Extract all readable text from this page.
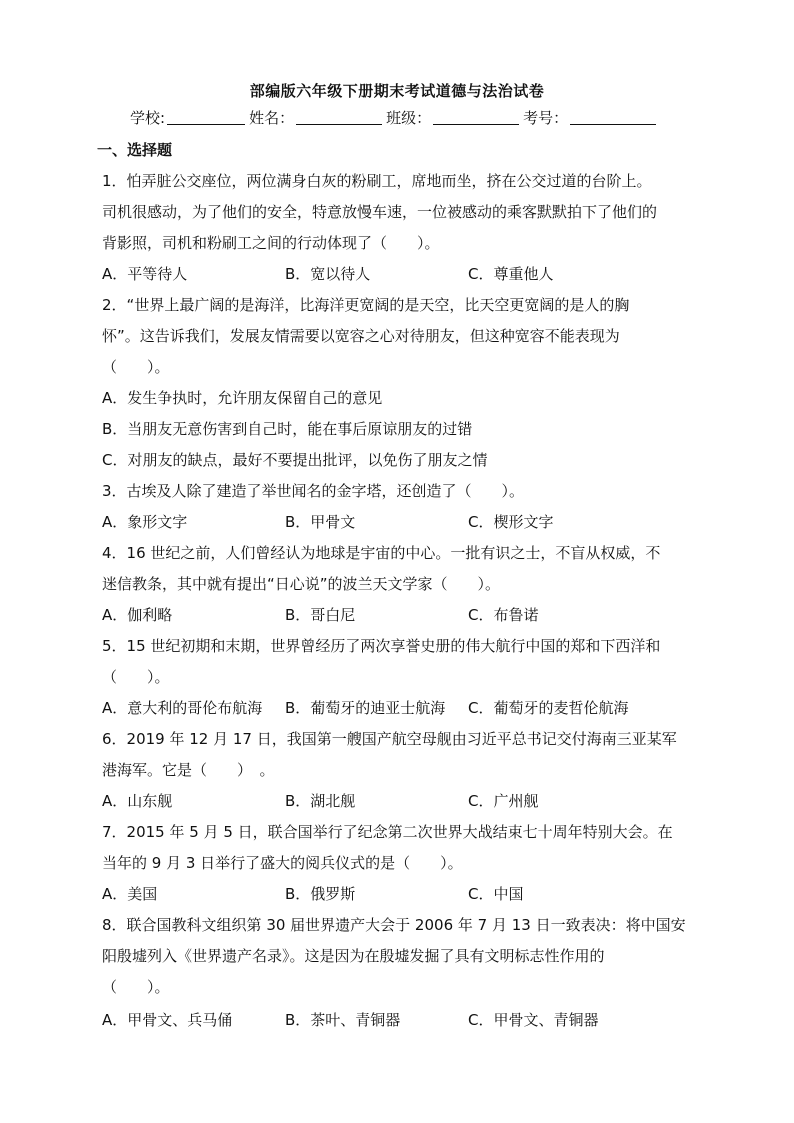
部编版六年级下册期末考试道德与法治试卷
学校:	姓名：	班级：	考号：
一、选择题
1．怕弄脏公交座位，两位满身白灰的粉刷工，席地而坐，挤在公交过道的台阶上。
司机很感动，为了他们的安全，特意放慢车速，一位被感动的乘客默默拍下了他们的
背影照，司机和粉刷工之间的行动体现了（　　）。
A．平等待人	B．宽以待人	C．尊重他人
2．“世界上最广阔的是海洋，比海洋更宽阔的是天空，比天空更宽阔的是人的胸
怀”。这告诉我们，发展友情需要以宽容之心对待朋友，但这种宽容不能表现为
（　　）。
A．发生争执时，允许朋友保留自己的意见
B．当朋友无意伤害到自己时，能在事后原谅朋友的过错
C．对朋友的缺点，最好不要提出批评，以免伤了朋友之情
3．古埃及人除了建造了举世闻名的金字塔，还创造了（　　）。
A．象形文字	B．甲骨文	C．楔形文字
4．16 世纪之前，人们曾经认为地球是宇宙的中心。一批有识之士，不盲从权威，不
迷信教条，其中就有提出“日心说”的波兰天文学家（　　）。
A．伽利略	B．哥白尼	C．布鲁诺
5．15 世纪初期和末期，世界曾经历了两次享誉史册的伟大航行中国的郑和下西洋和
（　　）。
A．意大利的哥伦布航海 B．葡萄牙的迪亚士航海 C．葡萄牙的麦哲伦航海
6．2019 年 12 月 17 日，我国第一艘国产航空母舰由习近平总书记交付海南三亚某军
港海军。它是（　　）　。
A．山东舰	B．湖北舰	C．广州舰
7．2015 年 5 月 5 日，联合国举行了纪念第二次世界大战结束七十周年特别大会。在
当年的 9 月 3 日举行了盛大的阅兵仪式的是（　　）。
A．美国	B．俄罗斯	C．中国
8．联合国教科文组织第 30 届世界遗产大会于 2006 年 7 月 13 日一致表决：将中国安
阳殷墟列入《世界遗产名录》。这是因为在殷墟发掘了具有文明标志性作用的
（　　）。
A．甲骨文、兵马俑	B．茶叶、青铜器	C．甲骨文、青铜器
